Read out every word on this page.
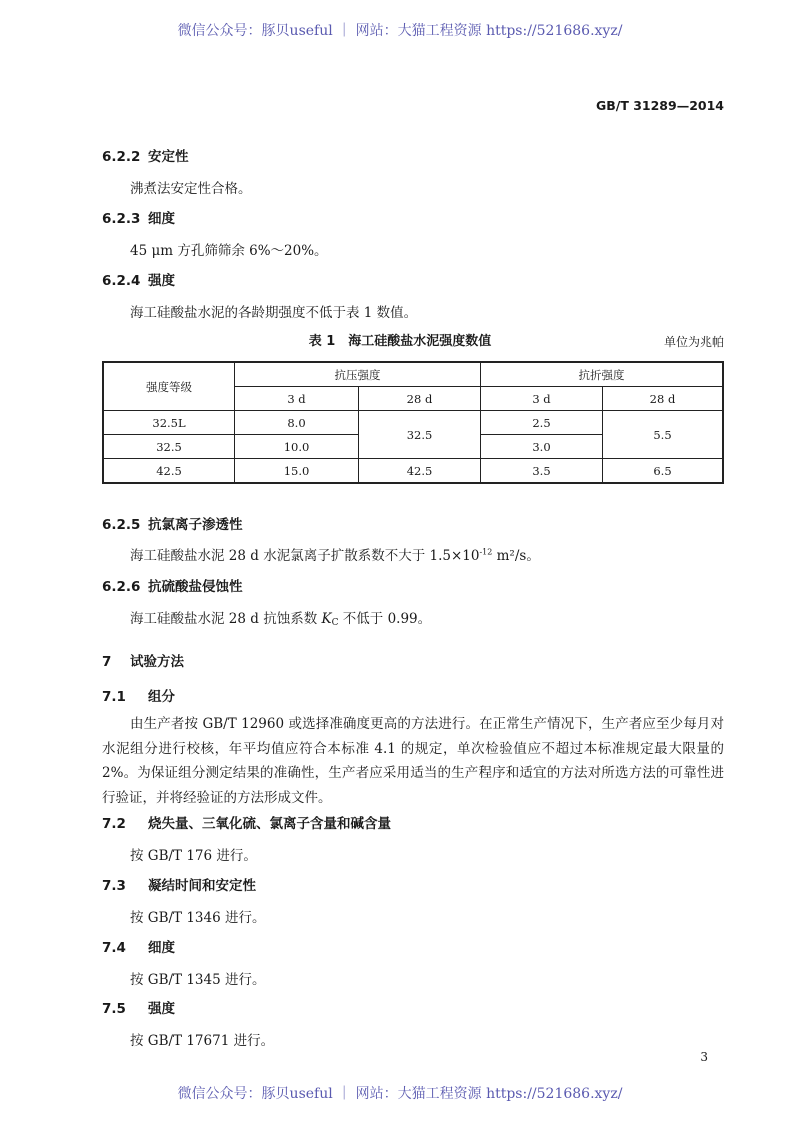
微信公众号：豚贝useful ｜ 网站：大猫工程资源 https://521686.xyz/
GB/T 31289—2014
6.2.2 安定性
沸煮法安定性合格。
6.2.3 细度
45 μm 方孔筛筛余 6%～20%。
6.2.4 强度
海工硅酸盐水泥的各龄期强度不低于表 1 数值。
表 1　海工硅酸盐水泥强度数值	单位为兆帕
强度等级	抗压强度		抗折强度	
	3 d	28 d	3 d	28 d
32.5L	8.0	32.5	2.5	5.5
32.5	10.0		3.0	
42.5	15.0	42.5	3.5	6.5
6.2.5 抗氯离子渗透性
海工硅酸盐水泥 28 d 水泥氯离子扩散系数不大于 $1.5\times 10^{-12}$ m²/s。
6.2.6 抗硫酸盐侵蚀性
海工硅酸盐水泥 28 d 抗蚀系数 $K_C$ 不低于 0.99。
7 试验方法
7.1 组分
由生产者按 GB/T 12960 或选择准确度更高的方法进行。在正常生产情况下，生产者应至少每月对水泥组分进行校核，年平均值应符合本标准 4.1 的规定，单次检验值应不超过本标准规定最大限量的 2%。为保证组分测定结果的准确性，生产者应采用适当的生产程序和适宜的方法对所选方法的可靠性进行验证，并将经验证的方法形成文件。
7.2 烧失量、三氧化硫、氯离子含量和碱含量
按 GB/T 176 进行。
7.3 凝结时间和安定性
按 GB/T 1346 进行。
7.4 细度
按 GB/T 1345 进行。
7.5 强度
按 GB/T 17671 进行。
3
微信公众号：豚贝useful ｜ 网站：大猫工程资源 https://521686.xyz/
